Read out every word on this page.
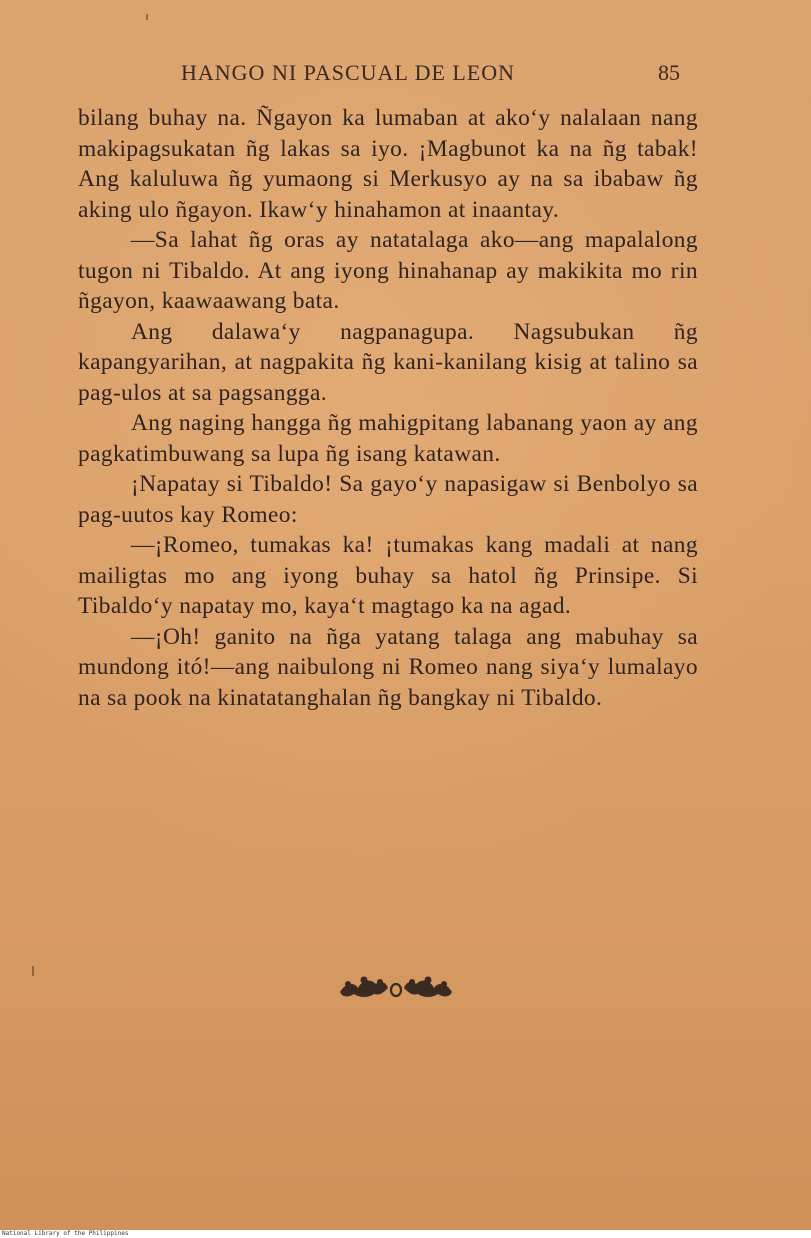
HANGO NI PASCUAL DE LEON	85

bilang buhay na. Ñgayon ka lumaban at ako‘y nalalaan nang makipagsukatan ñg lakas sa iyo. ¡Magbunot ka na ñg tabak! Ang kaluluwa ñg yumaong si Merkusyo ay na sa ibabaw ñg aking ulo ñgayon. Ikaw‘y hinahamon at inaantay.

—Sa lahat ñg oras ay natatalaga ako—ang mapalalong tugon ni Tibaldo. At ang iyong hinahanap ay makikita mo rin ñgayon, kaawaawang bata.

Ang dalawa‘y nagpanagupa. Nagsubukan ñg kapangyarihan, at nagpakita ñg kani-kanilang kisig at talino sa pag-ulos at sa pagsangga.

Ang naging hangga ñg mahigpitang labanang yaon ay ang pagkatimbuwang sa lupa ñg isang katawan.

¡Napatay si Tibaldo! Sa gayo‘y napasigaw si Benbolyo sa pag-uutos kay Romeo:

—¡Romeo, tumakas ka! ¡tumakas kang madali at nang mailigtas mo ang iyong buhay sa hatol ñg Prinsipe. Si Tibaldo‘y napatay mo, kaya‘t magtago ka na agad.

—¡Oh! ganito na ñga yatang talaga ang mabuhay sa mundong itó!—ang naibulong ni Romeo nang siya‘y lumalayo na sa pook na kinatatanghalan ñg bangkay ni Tibaldo.

National Library of the Philippines
